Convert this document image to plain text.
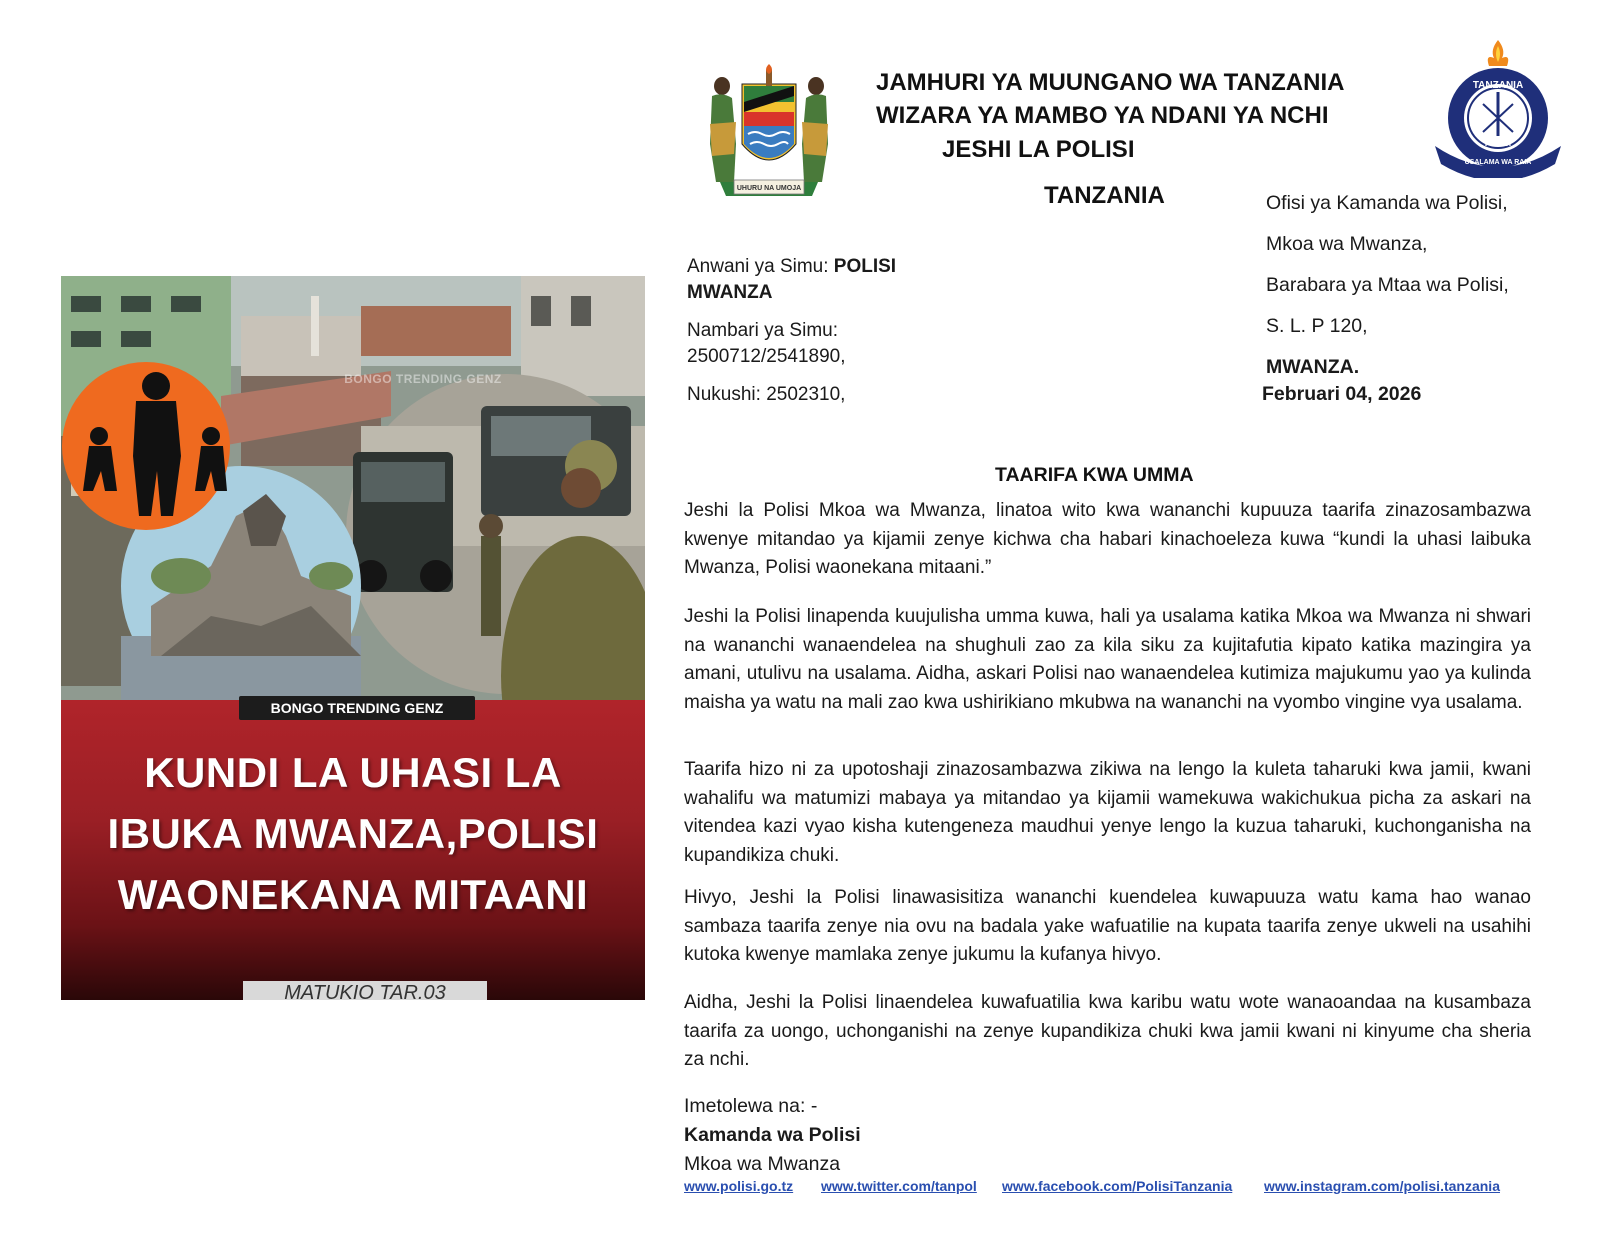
BONGO TRENDING GENZ
BONGO TRENDING GENZ
KUNDI LA UHASI LA
IBUKA MWANZA,POLISI
WAONEKANA MITAANI
MATUKIO TAR.03
UHURU NA UMOJA
TANZANIA
POLISI
USALAMA WA RAIA
JAMHURI YA MUUNGANO WA TANZANIA
WIZARA YA MAMBO YA NDANI YA NCHI
JESHI LA POLISI
TANZANIA

Anwani ya Simu: POLISI MWANZA

Nambari ya Simu:
2500712/2541890,

Nukushi: 2502310,

Ofisi ya Kamanda wa Polisi,
Mkoa wa Mwanza,
Barabara ya Mtaa wa Polisi,
S. L. P 120,
MWANZA.
Februari 04, 2026
TAARIFA KWA UMMA

Jeshi la Polisi Mkoa wa Mwanza, linatoa wito kwa wananchi kupuuza taarifa zinazosambazwa kwenye mitandao ya kijamii zenye kichwa cha habari kinachoeleza kuwa “kundi la uhasi laibuka Mwanza, Polisi waonekana mitaani.”

Jeshi la Polisi linapenda kuujulisha umma kuwa, hali ya usalama katika Mkoa wa Mwanza ni shwari na wananchi wanaendelea na shughuli zao za kila siku za kujitafutia kipato katika mazingira ya amani, utulivu na usalama. Aidha, askari Polisi nao wanaendelea kutimiza majukumu yao ya kulinda maisha ya watu na mali zao kwa ushirikiano mkubwa na wananchi na vyombo vingine vya usalama.

Taarifa hizo ni za upotoshaji zinazosambazwa zikiwa na lengo la kuleta taharuki kwa jamii, kwani wahalifu wa matumizi mabaya ya mitandao ya kijamii wamekuwa wakichukua picha za askari na vitendea kazi vyao kisha kutengeneza maudhui yenye lengo la kuzua taharuki, kuchonganisha na kupandikiza chuki.

Hivyo, Jeshi la Polisi linawasisitiza wananchi kuendelea kuwapuuza watu kama hao wanao sambaza taarifa zenye nia ovu na badala yake wafuatilie na kupata taarifa zenye ukweli na usahihi kutoka kwenye mamlaka zenye jukumu la kufanya hivyo.

Aidha, Jeshi la Polisi linaendelea kuwafuatilia kwa karibu watu wote wanaoandaa na kusambaza taarifa za uongo, uchonganishi na zenye kupandikiza chuki kwa jamii kwani ni kinyume cha sheria za nchi.

Imetolewa na: -
Kamanda wa Polisi
Mkoa wa Mwanza
www.polisi.go.tz www.twitter.com/tanpol www.facebook.com/PolisiTanzania www.instagram.com/polisi.tanzania
